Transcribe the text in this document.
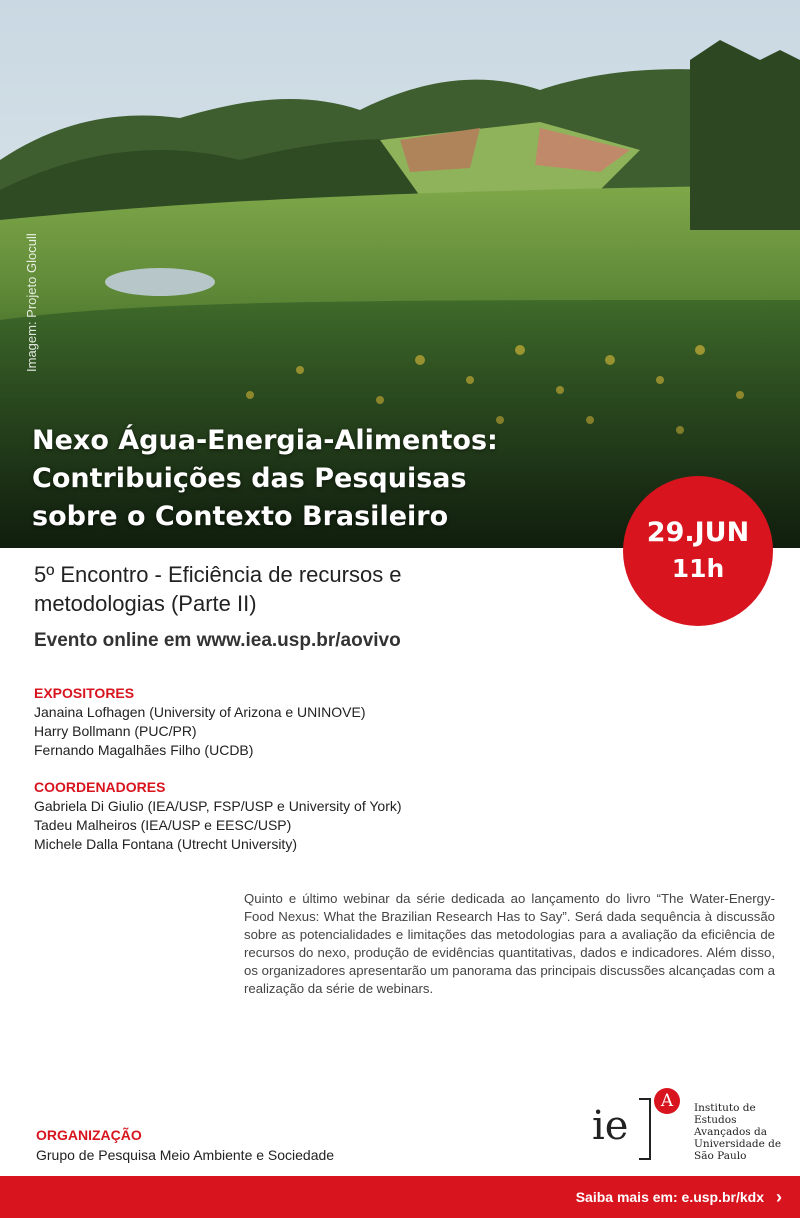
Imagem: Projeto Glocull
Nexo Água-Energia-Alimentos:
Contribuições das Pesquisas
sobre o Contexto Brasileiro
29.JUN
11h
5º Encontro - Eficiência de recursos e
metodologias (Parte II)
Evento online em www.iea.usp.br/aovivo
EXPOSITORES
Janaina Lofhagen (University of Arizona e UNINOVE)
Harry Bollmann (PUC/PR)
Fernando Magalhães Filho (UCDB)
COORDENADORES
Gabriela Di Giulio (IEA/USP, FSP/USP e University of York)
Tadeu Malheiros (IEA/USP e EESC/USP)
Michele Dalla Fontana (Utrecht University)

Quinto e último webinar da série dedicada ao lançamento do livro “The Water-Energy-Food Nexus: What the Brazilian Research Has to Say”. Será dada sequência à discussão sobre as potencialidades e limitações das metodologias para a avaliação da eficiência de recursos do nexo, produção de evidências quantitativas, dados e indicadores. Além disso, os organizadores apresentarão um panorama das principais discussões alcançadas com a realização da série de webinars.

ORGANIZAÇÃO
Grupo de Pesquisa Meio Ambiente e Sociedade
ie
A	Instituto de
Estudos
Avançados da
Universidade de
São Paulo
Saiba mais em: e.usp.br/kdx ›
